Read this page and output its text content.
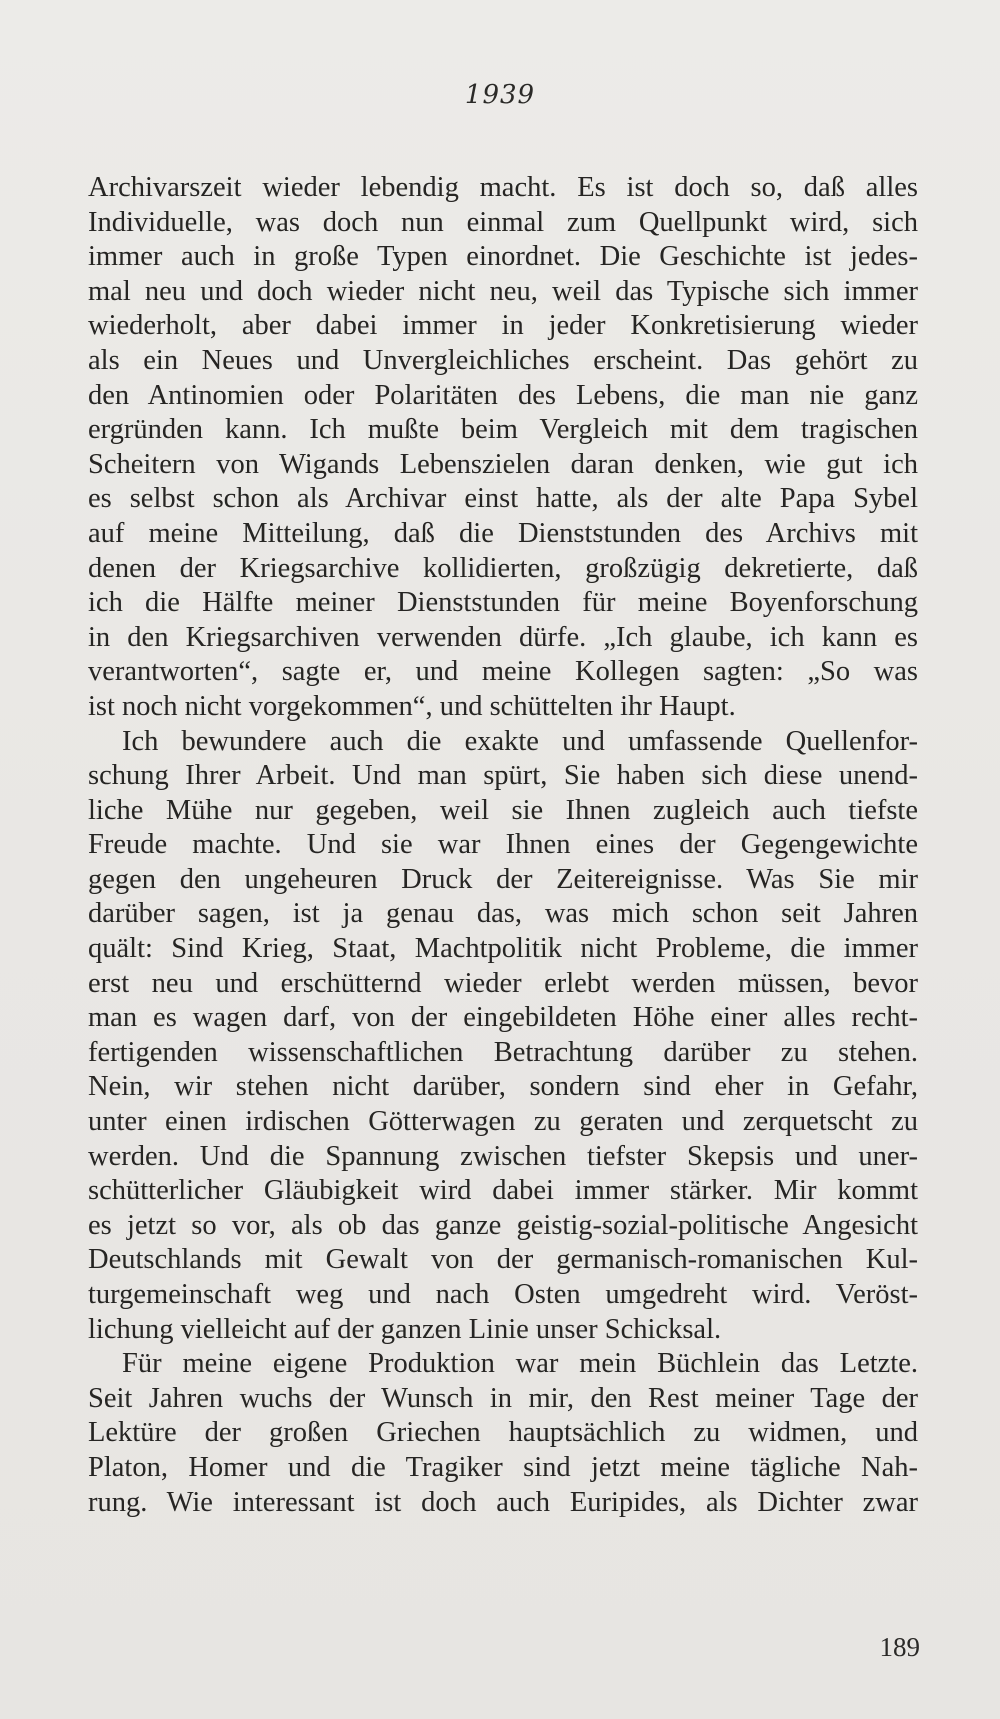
1939
Archivarszeit wieder lebendig macht. Es ist doch so, daß alles
Individuelle, was doch nun einmal zum Quellpunkt wird, sich
immer auch in große Typen einordnet. Die Geschichte ist jedes-
mal neu und doch wieder nicht neu, weil das Typische sich immer
wiederholt, aber dabei immer in jeder Konkretisierung wieder
als ein Neues und Unvergleichliches erscheint. Das gehört zu
den Antinomien oder Polaritäten des Lebens, die man nie ganz
ergründen kann. Ich mußte beim Vergleich mit dem tragischen
Scheitern von Wigands Lebenszielen daran denken, wie gut ich
es selbst schon als Archivar einst hatte, als der alte Papa Sybel
auf meine Mitteilung, daß die Dienststunden des Archivs mit
denen der Kriegsarchive kollidierten, großzügig dekretierte, daß
ich die Hälfte meiner Dienststunden für meine Boyenforschung
in den Kriegsarchiven verwenden dürfe. „Ich glaube, ich kann es
verantworten“, sagte er, und meine Kollegen sagten: „So was
ist noch nicht vorgekommen“, und schüttelten ihr Haupt.
Ich bewundere auch die exakte und umfassende Quellenfor-
schung Ihrer Arbeit. Und man spürt, Sie haben sich diese unend-
liche Mühe nur gegeben, weil sie Ihnen zugleich auch tiefste
Freude machte. Und sie war Ihnen eines der Gegengewichte
gegen den ungeheuren Druck der Zeitereignisse. Was Sie mir
darüber sagen, ist ja genau das, was mich schon seit Jahren
quält: Sind Krieg, Staat, Machtpolitik nicht Probleme, die immer
erst neu und erschütternd wieder erlebt werden müssen, bevor
man es wagen darf, von der eingebildeten Höhe einer alles recht-
fertigenden wissenschaftlichen Betrachtung darüber zu stehen.
Nein, wir stehen nicht darüber, sondern sind eher in Gefahr,
unter einen irdischen Götterwagen zu geraten und zerquetscht zu
werden. Und die Spannung zwischen tiefster Skepsis und uner-
schütterlicher Gläubigkeit wird dabei immer stärker. Mir kommt
es jetzt so vor, als ob das ganze geistig-sozial-politische Angesicht
Deutschlands mit Gewalt von der germanisch-romanischen Kul-
turgemeinschaft weg und nach Osten umgedreht wird. Veröst-
lichung vielleicht auf der ganzen Linie unser Schicksal.
Für meine eigene Produktion war mein Büchlein das Letzte.
Seit Jahren wuchs der Wunsch in mir, den Rest meiner Tage der
Lektüre der großen Griechen hauptsächlich zu widmen, und
Platon, Homer und die Tragiker sind jetzt meine tägliche Nah-
rung. Wie interessant ist doch auch Euripides, als Dichter zwar
189
